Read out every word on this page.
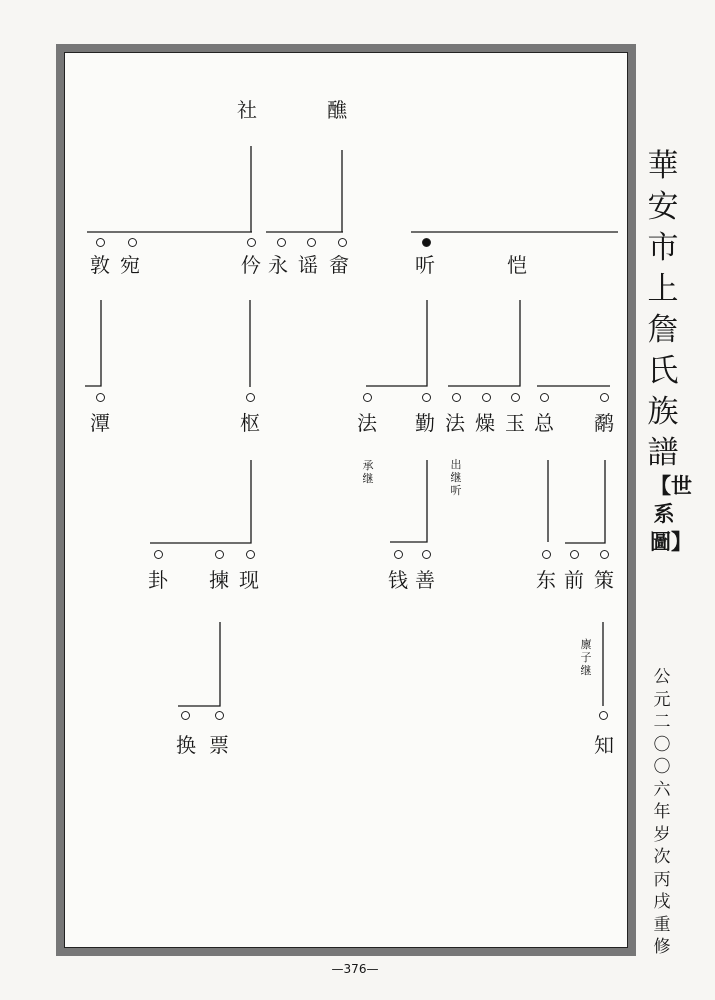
社	醮
敦 宛	仱 永 谣 畲	听	恺
潭	枢	法 勤 法 燥 玉 总 鹬
卦 揀 现	钱 善	东 前 策
换 票	知
承继
出继听
廪子继
華安市上詹氏族譜
【世系圖】
公元二〇〇六年岁次丙戌重修
—376—
